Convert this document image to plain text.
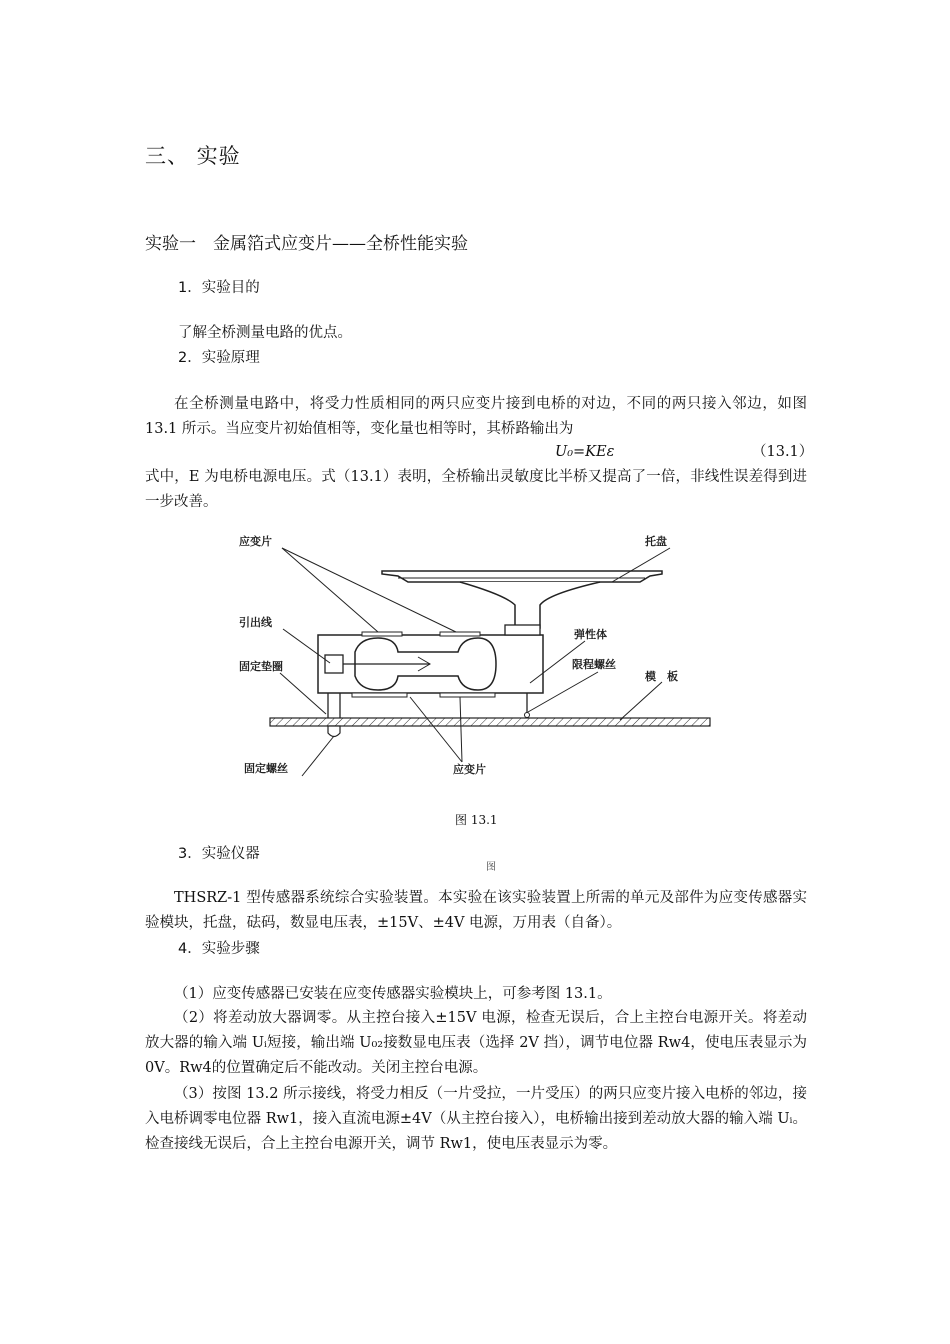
三、 实验
实验一　金属箔式应变片——全桥性能实验
1．实验目的
了解全桥测量电路的优点。
2．实验原理
在全桥测量电路中，将受力性质相同的两只应变片接到电桥的对边，不同的两只接入邻边，如图 13.1 所示。当应变片初始值相等，变化量也相等时，其桥路输出为
U₀=KEε	（13.1）
式中，E 为电桥电源电压。式（13.1）表明，全桥输出灵敏度比半桥又提高了一倍，非线性误差得到进一步改善。
应变片	托盘
引出线
弹性体
固定垫圈	限程螺丝
模　板
固定螺丝	应变片
图 13.1
3．实验仪器
图
THSRZ-1 型传感器系统综合实验装置。本实验在该实验装置上所需的单元及部件为应变传感器实验模块，托盘，砝码，数显电压表，±15V、±4V 电源，万用表（自备）。
4．实验步骤
（1）应变传感器已安装在应变传感器实验模块上，可参考图 13.1。
（2）将差动放大器调零。从主控台接入±15V 电源，检查无误后，合上主控台电源开关。将差动放大器的输入端 Uᵢ短接，输出端 U₀₂接数显电压表（选择 2V 挡），调节电位器 Rw4，使电压表显示为 0V。Rw4的位置确定后不能改动。关闭主控台电源。
（3）按图 13.2 所示接线，将受力相反（一片受拉，一片受压）的两只应变片接入电桥的邻边，接入电桥调零电位器 Rw1，接入直流电源±4V（从主控台接入），电桥输出接到差动放大器的输入端 Uᵢ。检查接线无误后，合上主控台电源开关，调节 Rw1，使电压表显示为零。
